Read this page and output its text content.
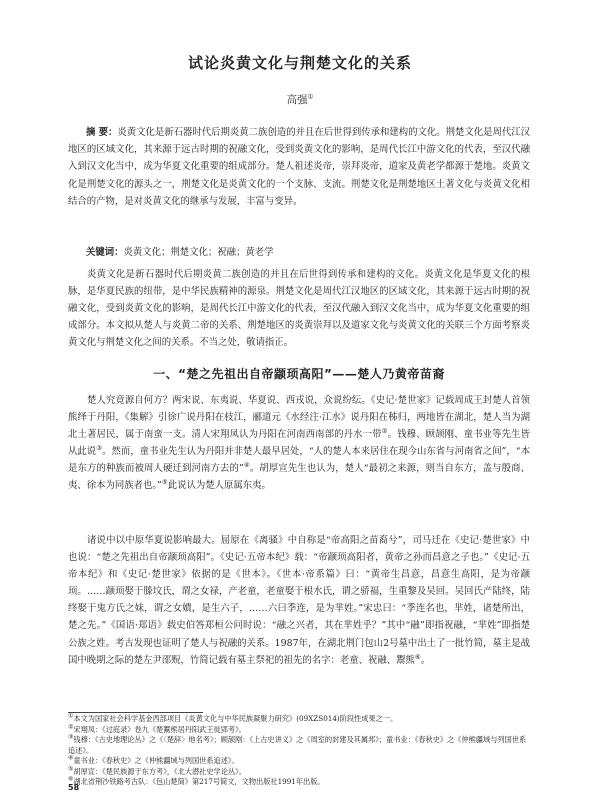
试论炎黄文化与荆楚文化的关系
高强①

摘 要：炎黄文化是新石器时代后期炎黄二族创造的并且在后世得到传承和建构的文化。荆楚文化是周代江汉地区的区域文化，其来源于远古时期的祝融文化，受到炎黄文化的影响，是周代长江中游文化的代表，至汉代融入到汉文化当中，成为华夏文化重要的组成部分。楚人祖述炎帝，崇拜炎帝，道家及黄老学都源于楚地。炎黄文化是荆楚文化的源头之一，荆楚文化是炎黄文化的一个支脉、支流。荆楚文化是荆楚地区土著文化与炎黄文化相结合的产物，是对炎黄文化的继承与发展，丰富与变异。

关键词：炎黄文化；荆楚文化；祝融；黄老学

炎黄文化是新石器时代后期炎黄二族创造的并且在后世得到传承和建构的文化。炎黄文化是华夏文化的根脉，是华夏民族的纽带，是中华民族精神的源泉。荆楚文化是周代江汉地区的区域文化，其来源于远古时期的祝融文化，受到炎黄文化的影响，是周代长江中游文化的代表，至汉代融入到汉文化当中，成为华夏文化重要的组成部分。本文拟从楚人与炎黄二帝的关系、荆楚地区的炎黄崇拜以及道家文化与炎黄文化的关联三个方面考察炎黄文化与荆楚文化之间的关系。不当之处，敬请指正。

一、“楚之先祖出自帝颛顼高阳”——楚人乃黄帝苗裔

楚人究竟源自何方？两宋说、东夷说、华夏说、西戎说，众说纷纭。《史记·楚世家》记载周成王封楚人首领熊绎于丹阳，《集解》引徐广说丹阳在枝江，郦道元《水经注·江水》说丹阳在秭归，两地皆在湖北，楚人当为湖北土著居民，属于南蛮一支。清人宋翔凤认为丹阳在河南西南部的丹水一带②。钱穆、顾颉刚、童书业等先生皆从此说③。然而，童书业先生认为丹阳并非楚人最早居处，“人的楚人本来居住在现今山东省与河南省之间”，“本是东方的种族而被周人硬迁到河南方去的”④。胡厚宣先生也认为，楚人“最初之来源，则当自东方，盖与殷商、夷、徐本为同族者也。”⑤此说认为楚人原属东夷。

诸说中以中原华夏说影响最大。屈原在《离骚》中自称是“帝高阳之苗裔兮”，司马迁在《史记·楚世家》中也说：“楚之先祖出自帝颛顼高阳”。《史记·五帝本纪》载：“帝颛顼高阳者，黄帝之孙而昌意之子也。”《史记·五帝本纪》和《史记·楚世家》依据的是《世本》。《世本·帝系篇》曰：“黄帝生昌意，昌意生高阳，是为帝颛顼。……颛顼娶于滕坟氏，谓之女禄，产老童，老童娶于根水氏，谓之骄福，生重黎及吴回。吴回氏产陆终，陆终娶于鬼方氏之妹，谓之女嬇，是生六子，……六曰季连，是为芈姓。”宋忠曰：“季连名也，芈姓，诸楚所出，楚之先。”《国语·郑语》载史伯答郑桓公问时说：“融之兴者，其在芈姓乎？”其中“融”即指祝融，“芈姓”即指楚公族之姓。考古发现也证明了楚人与祝融的关系。1987年，在湖北荆门包山2号墓中出土了一批竹简，墓主是战国中晚期之际的楚左尹邵贶，竹简记载有墓主祭祀的祖先的名字：老童、祝融、鬻熊⑥。

①本文为国家社会科学基金西部项目《炎黄文化与中华民族凝聚力研究》(09XZS014)阶段性成果之一。
②宋翔凤：《过庭录》卷九《楚鬻熊居丹阳武王徙郢考》。
③钱穆：《古史地理论丛》之《〈楚辞〉地名考》；顾颉刚：《上古史讲义》之《周室的封建及其属邦》；童书业：《春秋史》之《仲熊疆域与列国世系追述》。
④童书业：《春秋史》之《仲熊疆域与列国世系追述》。
⑤胡厚宣：《楚民族源于东方考》，《北大潜社史学论丛》。
⑥湖北省荆沙铁路考古队：《包山楚简》第217号简文，文物出版社1991年出版。
58
